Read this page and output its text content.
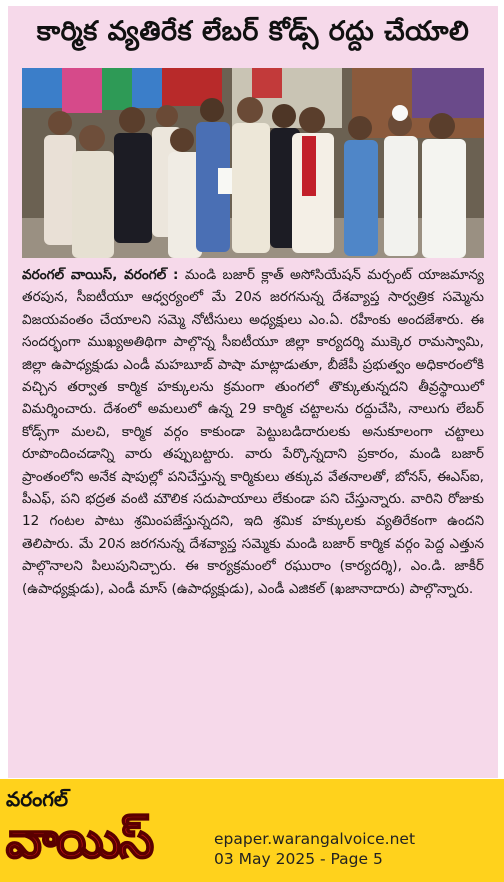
కార్మిక వ్యతిరేక లేబర్ కోడ్స్ రద్దు చేయాలి
వరంగల్ వాయిస్, వరంగల్ : మండి బజార్ క్లాత్ అసోసియేషన్ మర్చంట్ యాజమాన్య తరపున, సీఐటీయూ ఆధ్వర్యంలో మే 20న జరగనున్న దేశవ్యాప్త సార్వత్రిక సమ్మెను విజయవంతం చేయాలని సమ్మె నోటీసులు అధ్యక్షులు ఎం.ఏ. రహీంకు అందజేశారు. ఈ సందర్భంగా ముఖ్యఅతిథిగా పాల్గొన్న సీఐటీయూ జిల్లా కార్యదర్శి ముక్కెర రామస్వామి, జిల్లా ఉపాధ్యక్షుడు ఎండీ మహబూబ్ పాషా మాట్లాడుతూ, బీజేపీ ప్రభుత్వం అధికారంలోకి వచ్చిన తర్వాత కార్మిక హక్కులను క్రమంగా తుంగలో తొక్కుతున్నదని తీవ్రస్థాయిలో విమర్శించారు. దేశంలో అమలులో ఉన్న 29 కార్మిక చట్టాలను రద్దుచేసి, నాలుగు లేబర్ కోడ్స్‌గా మలచి, కార్మిక వర్గం కాకుండా పెట్టుబడిదారులకు అనుకూలంగా చట్టాలు రూపొందించడాన్ని వారు తప్పుబట్టారు. వారు పేర్కొన్నదాని ప్రకారం, మండి బజార్ ప్రాంతంలోని అనేక షాపుల్లో పనిచేస్తున్న కార్మికులు తక్కువ వేతనాలతో, బోనస్, ఈఎస్ఐ, పీఎఫ్, పని భద్రత వంటి మౌలిక సదుపాయాలు లేకుండా పని చేస్తున్నారు. వారిని రోజుకు 12 గంటల పాటు శ్రమింపజేస్తున్నదని, ఇది శ్రమిక హక్కులకు వ్యతిరేకంగా ఉందని తెలిపారు. మే 20న జరగనున్న దేశవ్యాప్త సమ్మెకు మండి బజార్ కార్మిక వర్గం పెద్ద ఎత్తున పాల్గొనాలని పిలుపునిచ్చారు. ఈ కార్యక్రమంలో రఘురాం (కార్యదర్శి), ఎం.డి. జాకీర్ (ఉపాధ్యక్షుడు), ఎండీ మాస్ (ఉపాధ్యక్షుడు), ఎండీ ఎజికల్ (ఖజానాదారు) పాల్గొన్నారు.
వరంగల్
వాయిస్	epaper.warangalvoice.net
03 May 2025 - Page 5
